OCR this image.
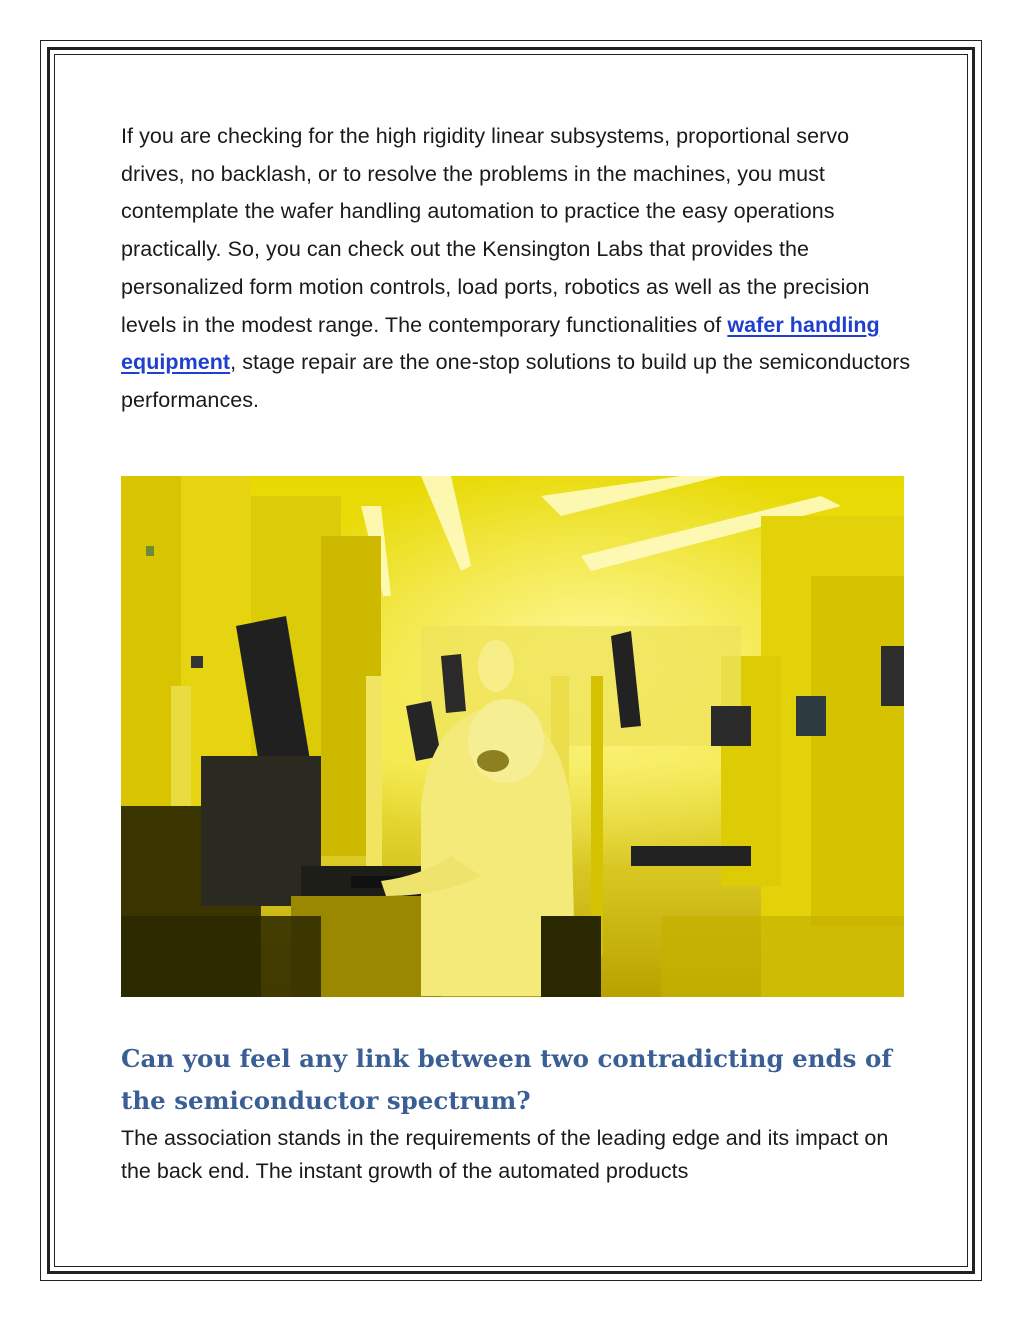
If you are checking for the high rigidity linear subsystems, proportional servo drives, no backlash, or to resolve the problems in the machines, you must contemplate the wafer handling automation to practice the easy operations practically. So, you can check out the Kensington Labs that provides the personalized form motion controls, load ports, robotics as well as the precision levels in the modest range. The contemporary functionalities of wafer handling equipment, stage repair are the one-stop solutions to build up the semiconductors performances.

Can you feel any link between two contradicting ends of the semiconductor spectrum?

The association stands in the requirements of the leading edge and its impact on the back end. The instant growth of the automated products
